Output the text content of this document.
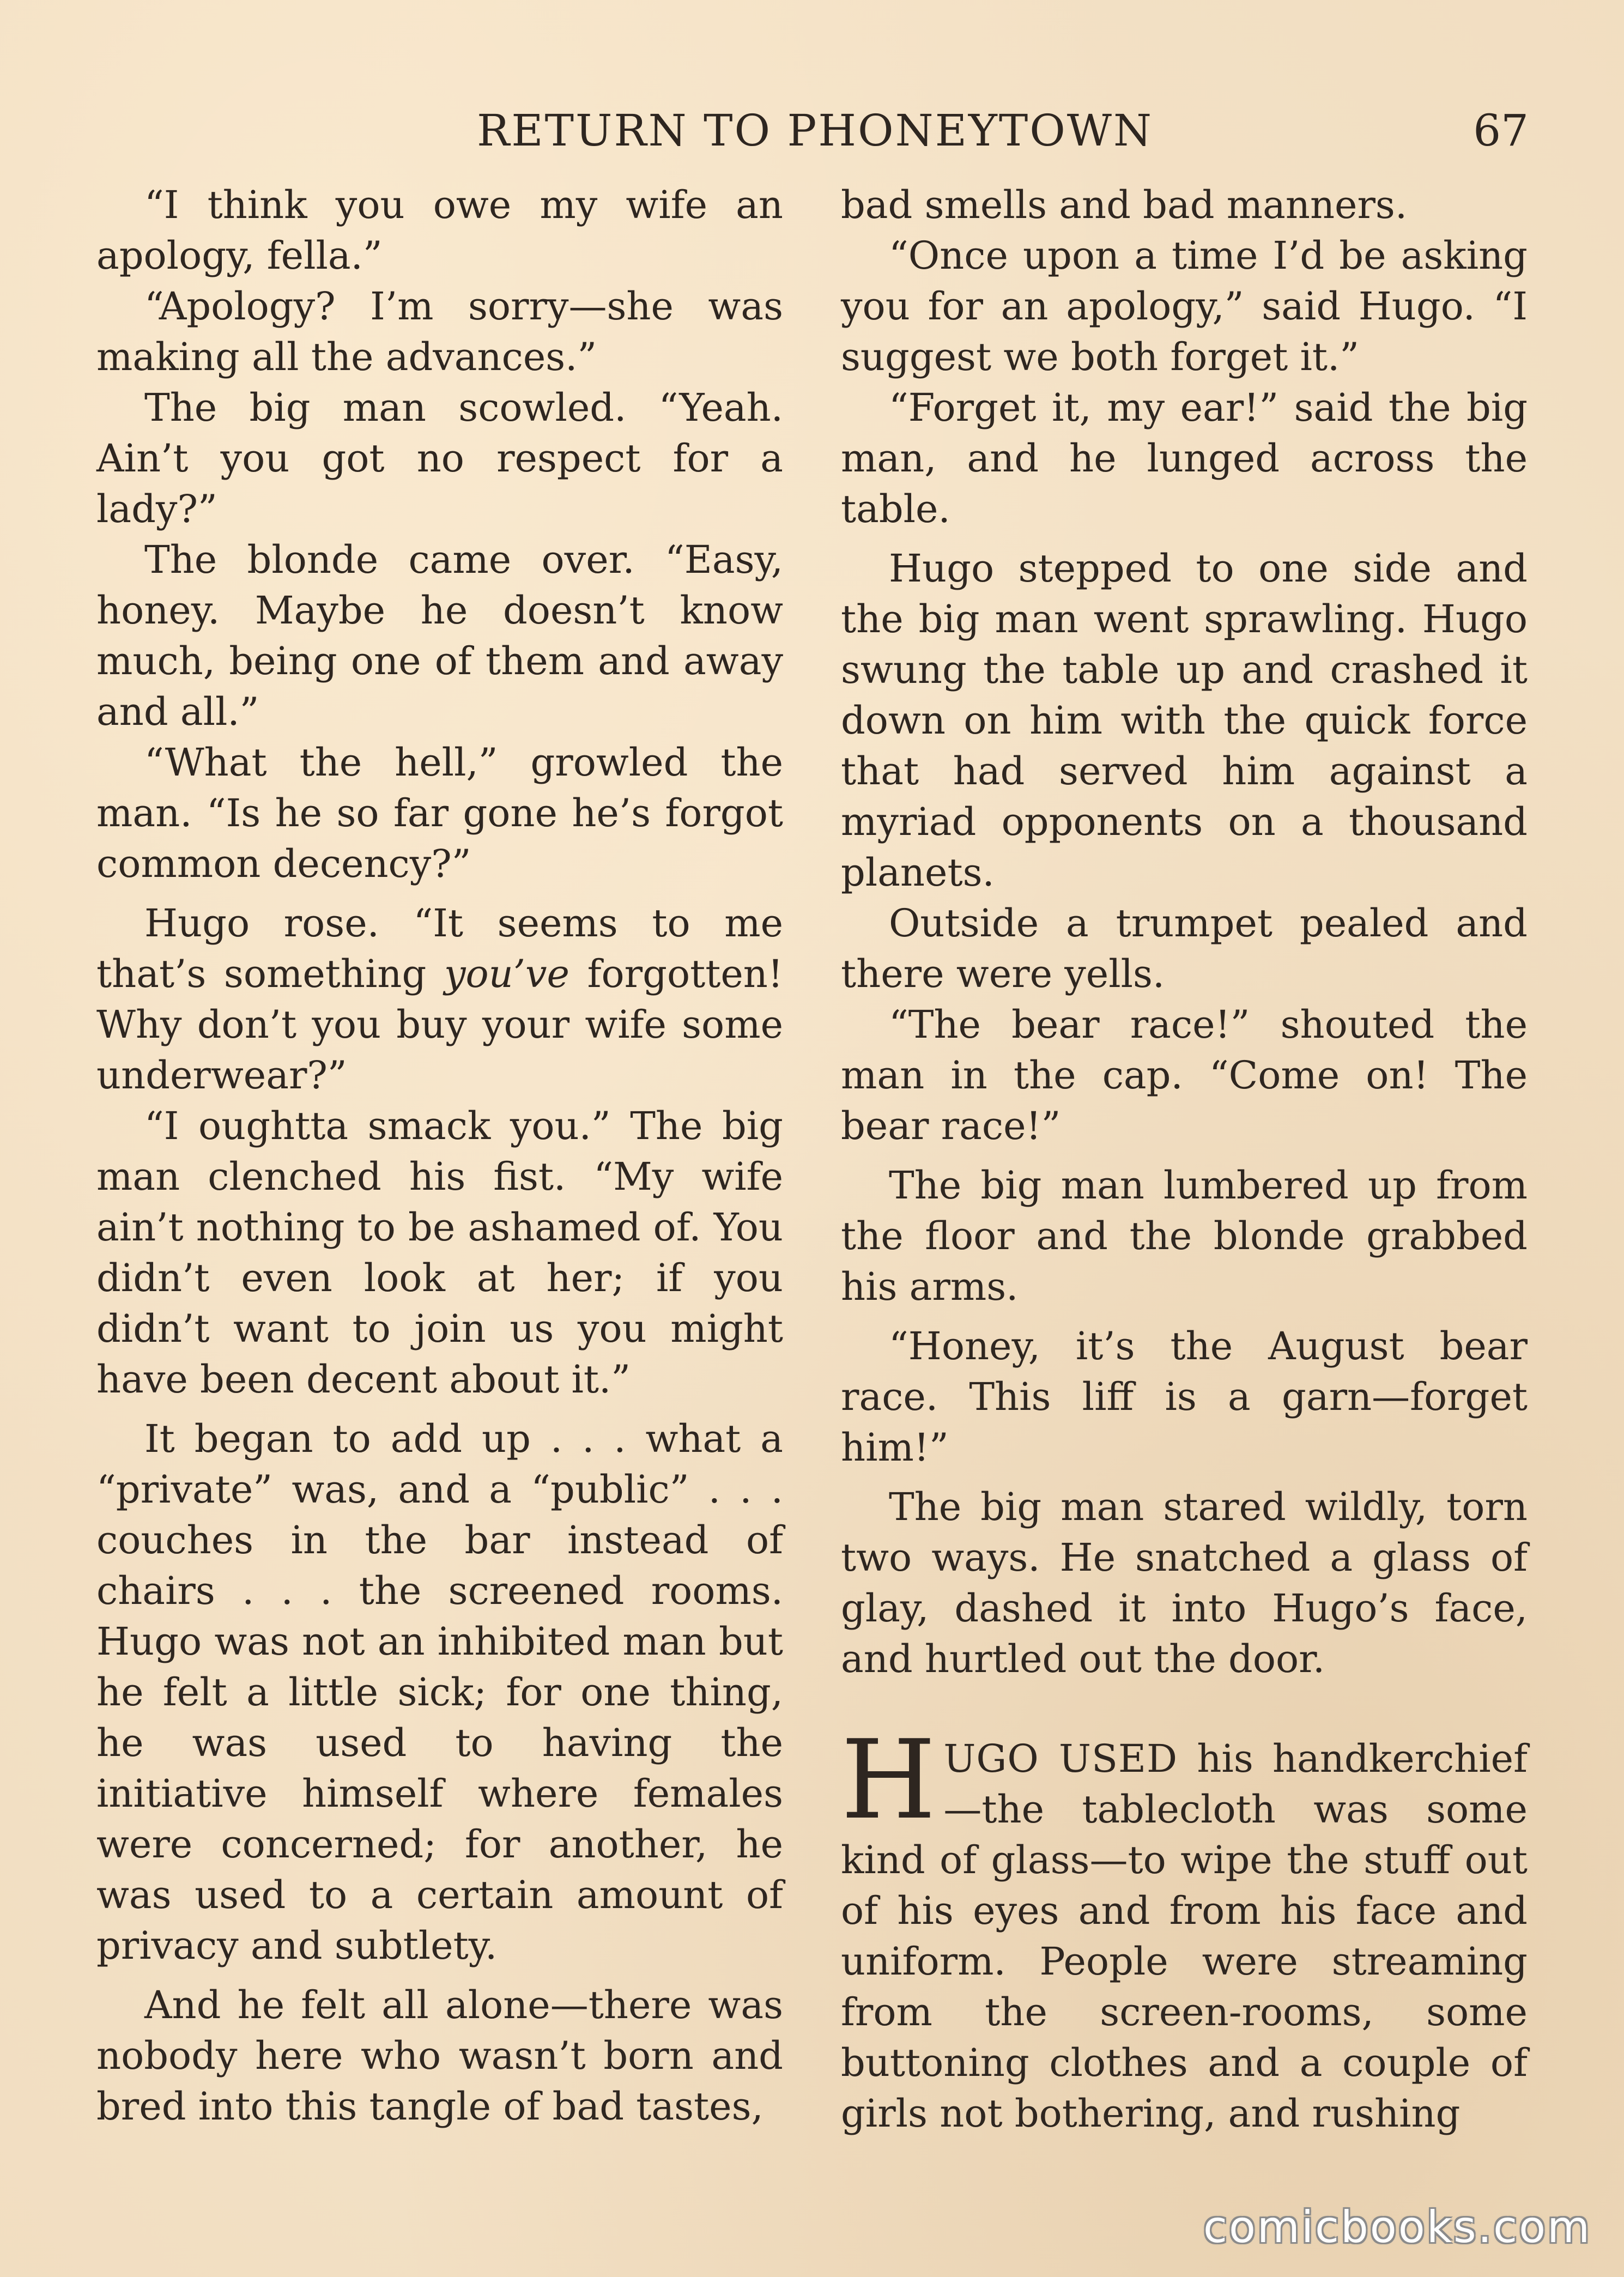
RETURN TO PHONEYTOWN	67

“I think you owe my wife an apology, fella.”

“Apology? I’m sorry—she was making all the advances.”

The big man scowled. “Yeah. Ain’t you got no respect for a lady?”

The blonde came over. “Easy, honey. Maybe he doesn’t know much, being one of them and away and all.”

“What the hell,” growled the man. “Is he so far gone he’s forgot common decency?”

Hugo rose. “It seems to me that’s something you’ve forgotten! Why don’t you buy your wife some underwear?”

“I oughtta smack you.” The big man clenched his fist. “My wife ain’t nothing to be ashamed of. You didn’t even look at her; if you didn’t want to join us you might have been decent about it.”

It began to add up . . . what a “private” was, and a “public” . . . couches in the bar instead of chairs . . . the screened rooms. Hugo was not an inhibited man but he felt a little sick; for one thing, he was used to having the initiative himself where females were concerned; for another, he was used to a certain amount of privacy and subtlety.

And he felt all alone—there was nobody here who wasn’t born and bred into this tangle of bad tastes,

bad smells and bad manners.

“Once upon a time I’d be asking you for an apology,” said Hugo. “I suggest we both forget it.”

“Forget it, my ear!” said the big man, and he lunged across the table.

Hugo stepped to one side and the big man went sprawling. Hugo swung the table up and crashed it down on him with the quick force that had served him against a myriad opponents on a thousand planets.

Outside a trumpet pealed and there were yells.

“The bear race!” shouted the man in the cap. “Come on! The bear race!”

The big man lumbered up from the floor and the blonde grabbed his arms.

“Honey, it’s the August bear race. This liff is a garn—forget him!”

The big man stared wildly, torn two ways. He snatched a glass of glay, dashed it into Hugo’s face, and hurtled out the door.

HUGO USED his handkerchief—the tablecloth was some kind of glass—to wipe the stuff out of his eyes and from his face and uniform. People were streaming from the screen-rooms, some buttoning clothes and a couple of girls not bothering, and rushing

comicbooks.com
